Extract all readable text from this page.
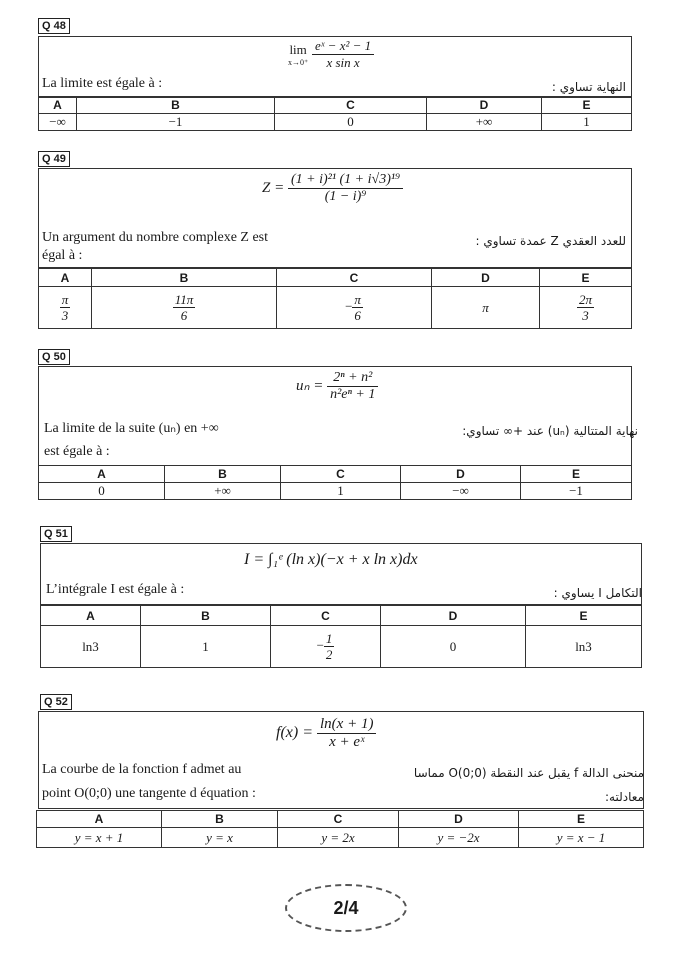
Q 48
lim
x→0⁺
$\frac{\text{eˣ − x² − 1}}{\text{x sin x}}$
La limite est égale à :	النهاية تساوي :
A	B	C	D	E
−∞	−1	0	+∞	1
Q 49
$Z = \frac{\text{(1 + i)²¹ (1 + i√3)¹⁹}}{\text{(1 − i)⁹}}$
Un argument du nombre complexe Z est
égal à :
للعدد العقدي Z عمدة تساوي :
A	B	C	D	E

$\frac{\pi}{3}$	$\frac{11\pi}{6}$	− $\frac{\pi}{6}$	π	$\frac{2\pi}{3}$
Q 50
$u_n = \frac{\text{2ⁿ + n²}}{\text{n²eⁿ + 1}}$
La limite de la suite (uₙ) en +∞
est égale à :
نهاية المتتالية (uₙ) عند +∞ تساوي:
A	B	C	D	E
0	+∞	1	−∞	−1
Q 51
I = ∫₁ᵉ (ln x)(−x + x ln x)dx
L’intégrale I est égale à :	التكامل I يساوي :
A	B	C	D	E
ln3	1	− $\frac{1}{2}$	0	ln3
Q 52
$f(x) = \frac{\ln(x + 1)}{\text{x + eˣ}}$
La courbe de la fonction f admet au
point O(0;0) une tangente d équation :
منحنى الدالة f يقبل عند النقطة O(0;0) مماسا
معادلته:
A	B	C	D	E
y = x + 1	y = x	y = 2x	y = −2x	y = x − 1
2/4
